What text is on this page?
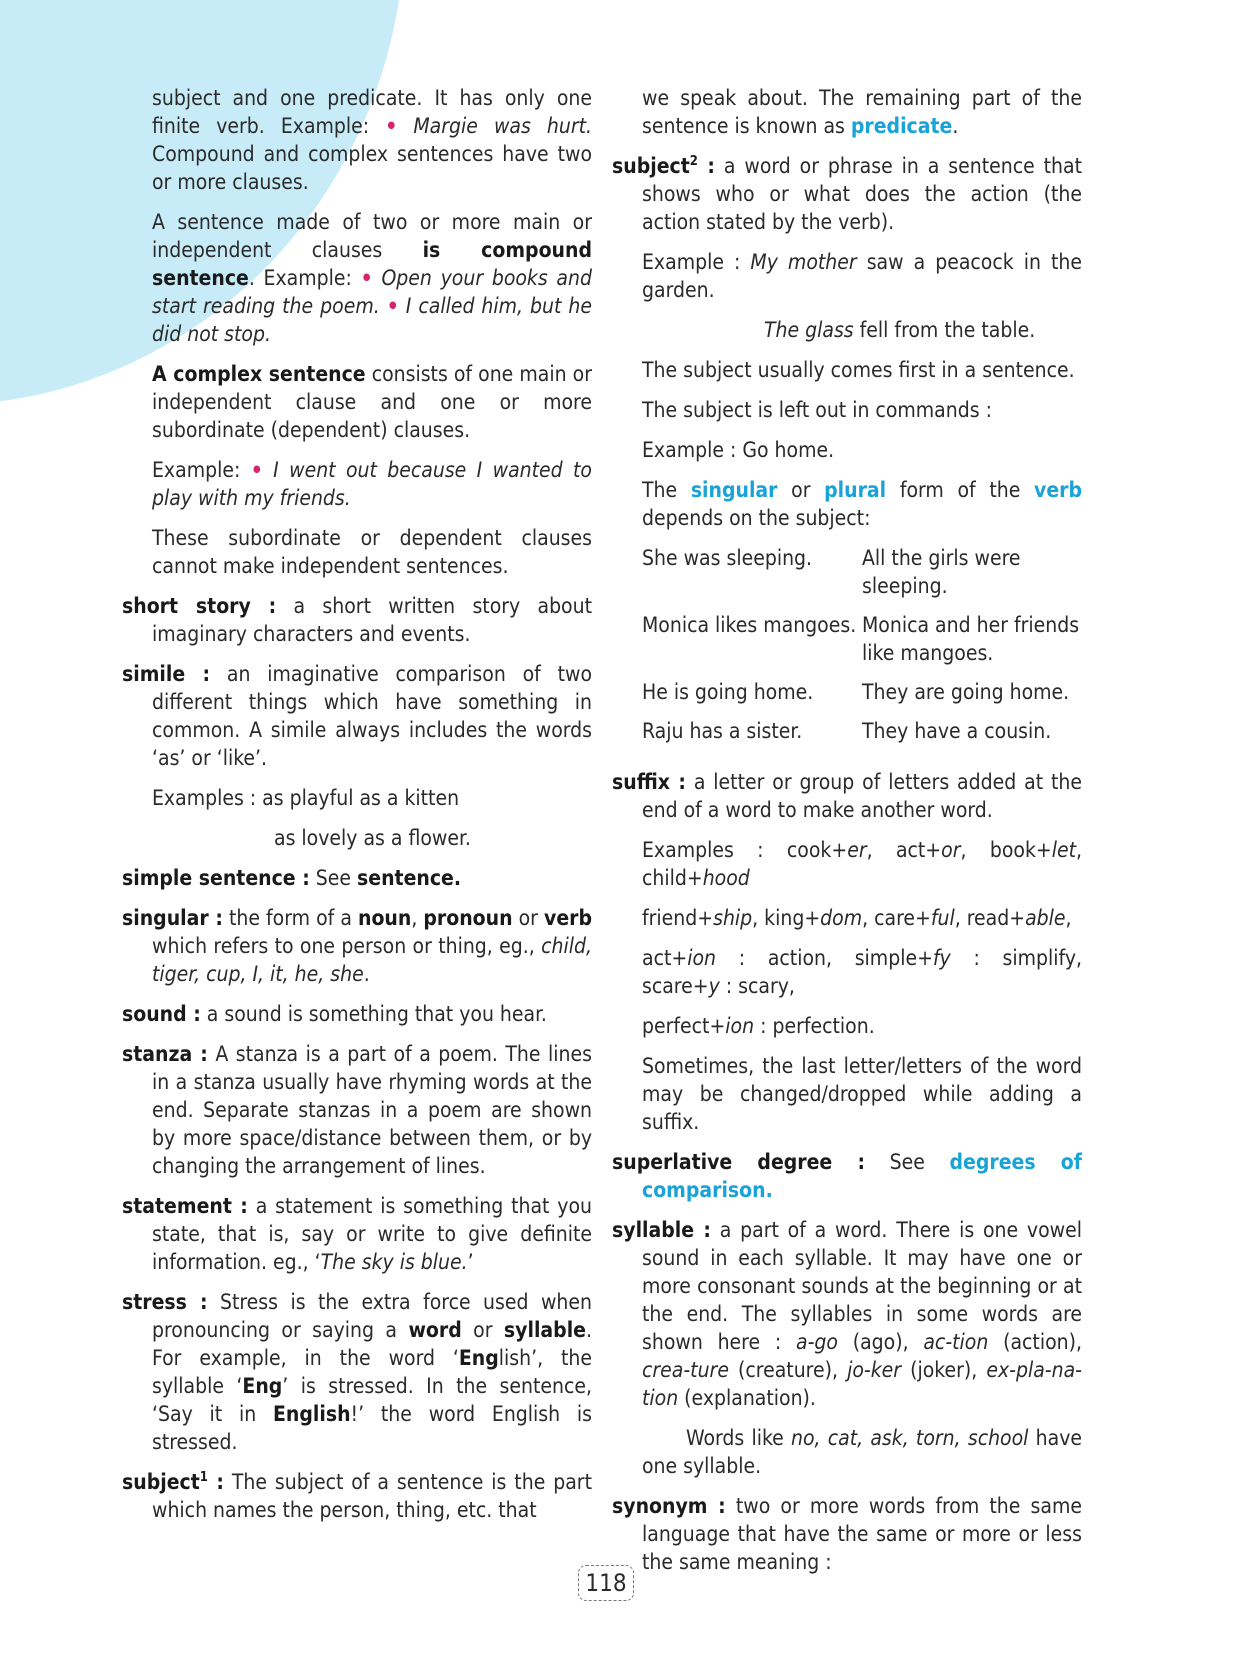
subject and one predicate. It has only one finite verb. Example: • Margie was hurt. Compound and complex sentences have two or more clauses.

A sentence made of two or more main or independent clauses is compound sentence. Example: • Open your books and start reading the poem. • I called him, but he did not stop.

A complex sentence consists of one main or independent clause and one or more subordinate (dependent) clauses.

Example: • I went out because I wanted to play with my friends.

These subordinate or dependent clauses cannot make independent sentences.

short story : a short written story about imaginary characters and events.

simile : an imaginative comparison of two different things which have something in common. A simile always includes the words ‘as’ or ‘like’.

Examples : as playful as a kitten

as lovely as a flower.

simple sentence : See sentence.

singular : the form of a noun, pronoun or verb which refers to one person or thing, eg., child, tiger, cup, I, it, he, she.

sound : a sound is something that you hear.

stanza : A stanza is a part of a poem. The lines in a stanza usually have rhyming words at the end. Separate stanzas in a poem are shown by more space/distance between them, or by changing the arrangement of lines.

statement : a statement is something that you state, that is, say or write to give definite information. eg., ‘The sky is blue.’

stress : Stress is the extra force used when pronouncing or saying a word or syllable. For example, in the word ‘English’, the syllable ‘Eng’ is stressed. In the sentence, ‘Say it in English!’ the word English is stressed.

subject$^1$ : The subject of a sentence is the part which names the person, thing, etc. that

we speak about. The remaining part of the sentence is known as predicate.

subject$^2$ : a word or phrase in a sentence that shows who or what does the action (the action stated by the verb).

Example : My mother saw a peacock in the garden.

The glass fell from the table.

The subject usually comes first in a sentence.

The subject is left out in commands :

Example : Go home.

The singular or plural form of the verb depends on the subject:

She was sleeping.	All the girls were sleeping.
Monica likes mangoes.	Monica and her friends like mangoes.
He is going home.	They are going home.
Raju has a sister.	They have a cousin.

suffix : a letter or group of letters added at the end of a word to make another word.

Examples : cook+er, act+or, book+let, child+hood

friend+ship, king+dom, care+ful, read+able,

act+ion : action, simple+fy : simplify, scare+y : scary,

perfect+ion : perfection.

Sometimes, the last letter/letters of the word may be changed/dropped while adding a suffix.

superlative degree : See degrees of comparison.

syllable : a part of a word. There is one vowel sound in each syllable. It may have one or more consonant sounds at the beginning or at the end. The syllables in some words are shown here : a-go (ago), ac-tion (action), crea-ture (creature), jo-ker (joker), ex-pla-na-tion (explanation).

Words like no, cat, ask, torn, school have one syllable.

synonym : two or more words from the same language that have the same or more or less the same meaning :

118
